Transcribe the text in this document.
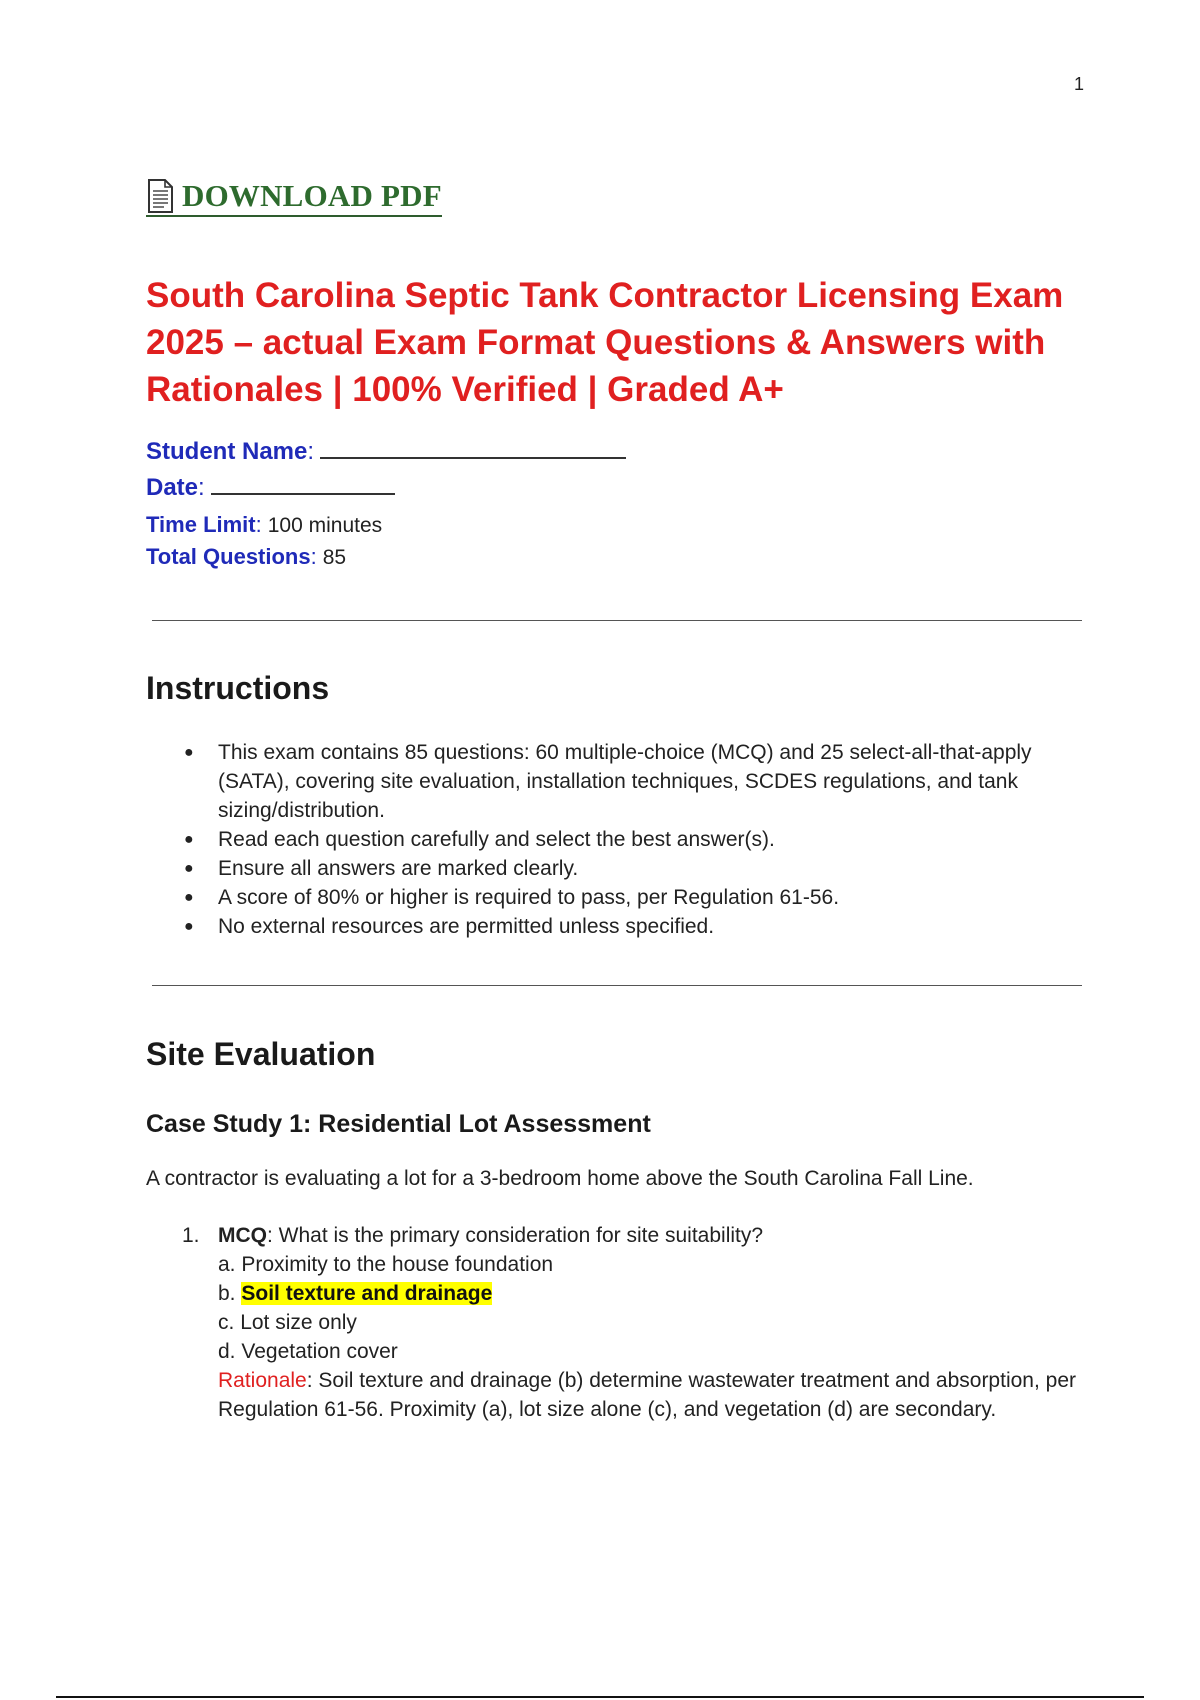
1
DOWNLOAD PDF
South Carolina Septic Tank Contractor Licensing Exam 2025 – actual Exam Format Questions & Answers with Rationales | 100% Verified | Graded A+
Student Name :
Date :
Time Limit : 100 minutes
Total Questions : 85
Instructions
● This exam contains 85 questions: 60 multiple-choice (MCQ) and 25 select-all-that-apply (SATA), covering site evaluation, installation techniques, SCDES regulations, and tank sizing/distribution.
● Read each question carefully and select the best answer(s).
● Ensure all answers are marked clearly.
● A score of 80% or higher is required to pass, per Regulation 61-56.
● No external resources are permitted unless specified.
Site Evaluation
Case Study 1: Residential Lot Assessment

A contractor is evaluating a lot for a 3-bedroom home above the South Carolina Fall Line.

1. MCQ: What is the primary consideration for site suitability?
a. Proximity to the house foundation
b. Soil texture and drainage
c. Lot size only
d. Vegetation cover
Rationale: Soil texture and drainage (b) determine wastewater treatment and absorption, per Regulation 61-56. Proximity (a), lot size alone (c), and vegetation (d) are secondary.
